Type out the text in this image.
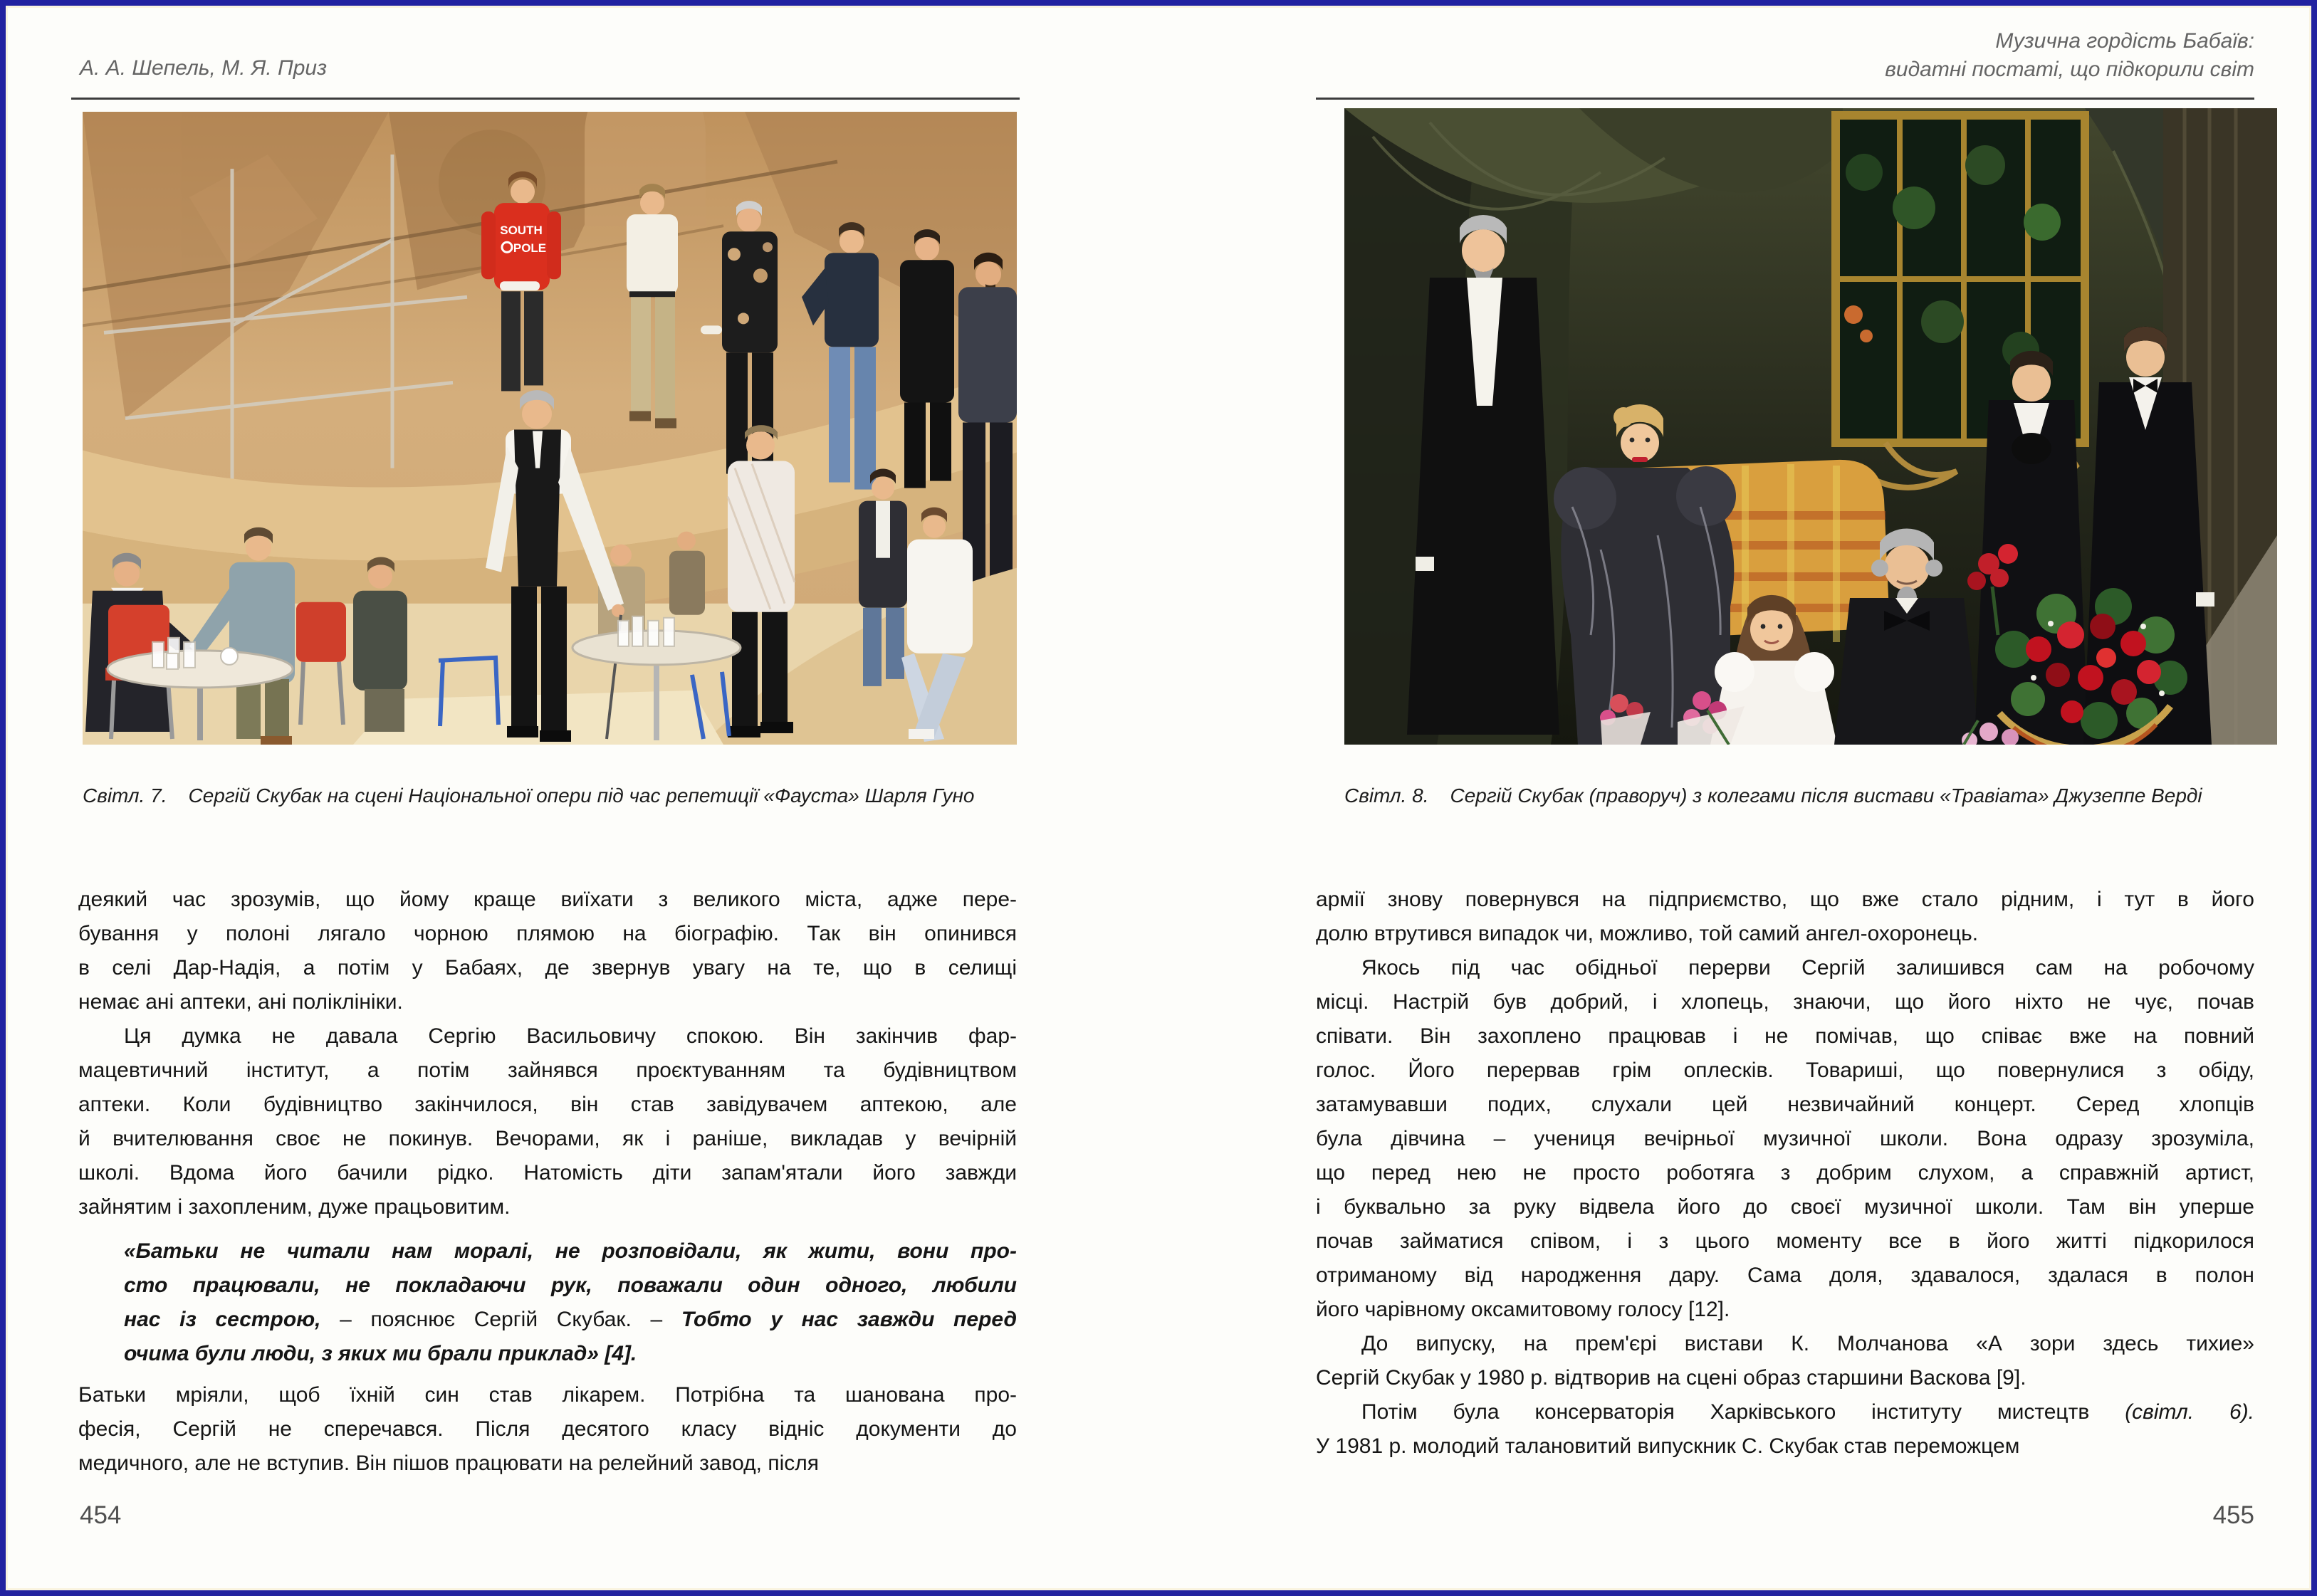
А. А. Шепель, М. Я. Приз
Музична гордість Бабаїв:
видатні постаті, що підкорили світ
SOUTH
POLE
Світл. 7. Сергій Скубак на сцені Національної опери під час репетиції «Фауста» Шарля Гуно	Світл. 8. Сергій Скубак (праворуч) з колегами після вистави «Травіата» Джузеппе Верді
деякий час зрозумів, що йому краще виїхати з великого міста, адже пере-
бування у полоні лягало чорною плямою на біографію. Так він опинився
в селі Дар-Надія, а потім у Бабаях, де звернув увагу на те, що в селищі
немає ані аптеки, ані поліклініки.
Ця думка не давала Сергію Васильовичу спокою. Він закінчив фар-
мацевтичний інститут, а потім зайнявся проєктуванням та будівництвом
аптеки. Коли будівництво закінчилося, він став завідувачем аптекою, але
й вчителювання своє не покинув. Вечорами, як і раніше, викладав у вечірній
школі. Вдома його бачили рідко. Натомість діти запам'ятали його завжди
зайнятим і захопленим, дуже працьовитим.
«Батьки не читали нам моралі, не розповідали, як жити, вони про-
сто працювали, не покладаючи рук, поважали один одного, любили
нас із сестрою, – пояснює Сергій Скубак. – Тобто у нас завжди перед
очима були люди, з яких ми брали приклад» [4].
Батьки мріяли, щоб їхній син став лікарем. Потрібна та шанована про-
фесія, Сергій не сперечався. Після десятого класу відніс документи до
медичного, але не вступив. Він пішов працювати на релейний завод, після
армії знову повернувся на підприємство, що вже стало рідним, і тут в його
долю втрутився випадок чи, можливо, той самий ангел-охоронець.
Якось під час обідньої перерви Сергій залишився сам на робочому
місці. Настрій був добрий, і хлопець, знаючи, що його ніхто не чує, почав
співати. Він захоплено працював і не помічав, що співає вже на повний
голос. Його перервав грім оплесків. Товариші, що повернулися з обіду,
затамувавши подих, слухали цей незвичайний концерт. Серед хлопців
була дівчина – учениця вечірньої музичної школи. Вона одразу зрозуміла,
що перед нею не просто роботяга з добрим слухом, а справжній артист,
і буквально за руку відвела його до своєї музичної школи. Там він уперше
почав займатися співом, і з цього моменту все в його житті підкорилося
отриманому від народження дару. Сама доля, здавалося, здалася в полон
його чарівному оксамитовому голосу [12].
До випуску, на прем'єрі вистави К. Молчанова «А зори здесь тихие»
Сергій Скубак у 1980 р. відтворив на сцені образ старшини Васкова [9].
Потім була консерваторія Харківського інституту мистецтв (світл. 6).
У 1981 р. молодий талановитий випускник С. Скубак став переможцем
454	455
